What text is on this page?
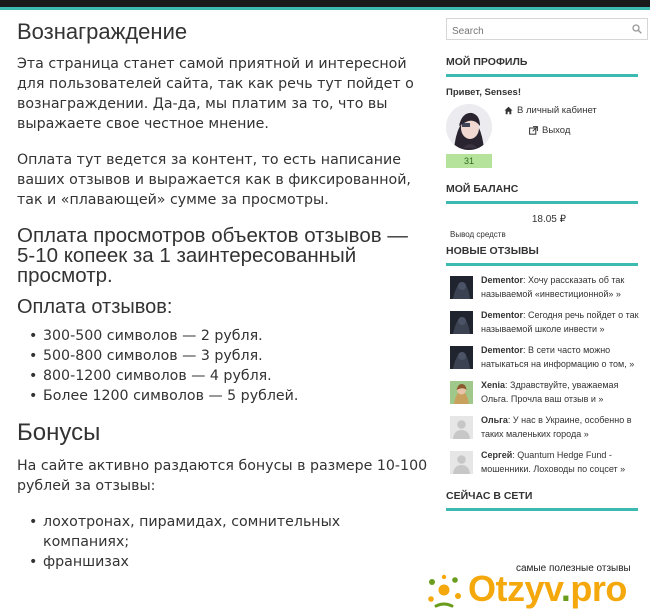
Вознаграждение

Эта страница станет самой приятной и интересной для пользователей сайта, так как речь тут пойдет о вознаграждении. Да-да, мы платим за то, что вы выражаете свое честное мнение.

Оплата тут ведется за контент, то есть написание ваших отзывов и выражается как в фиксированной, так и «плавающей» сумме за просмотры.

Оплата просмотров объектов отзывов — 5-10 копеек за 1 заинтересованный просмотр.
Оплата отзывов:
• 300-500 символов — 2 рубля.
• 500-800 символов — 3 рубля.
• 800-1200 символов — 4 рубля.
• Более 1200 символов — 5 рублей.
Бонусы

На сайте активно раздаются бонусы в размере 10-100 рублей за отзывы:

• лохотронах, пирамидах, сомнительных компаниях;
• франшизах
Search
МОЙ ПРОФИЛЬ
Привет, Senses!
31
В личный кабинет
Выход
МОЙ БАЛАНС
18.05 ₽
Вывод средств
НОВЫЕ ОТЗЫВЫ
Dementor: Хочу рассказать об так называемой «инвестиционной» »
Dementor: Сегодня речь пойдет о так называемой школе инвести »
Dementor: В сети часто можно натыкаться на информацию о том, »
Xenia: Здравствуйте, уважаемая Ольга. Прочла ваш отзыв и »
Ольга: У нас в Украине, особенно в таких маленьких города »
Сергей: Quantum Hedge Fund - мошенники. Лоховоды по соцсет »
СЕЙЧАС В СЕТИ
самые полезные отзывы
Otzyv.pro
